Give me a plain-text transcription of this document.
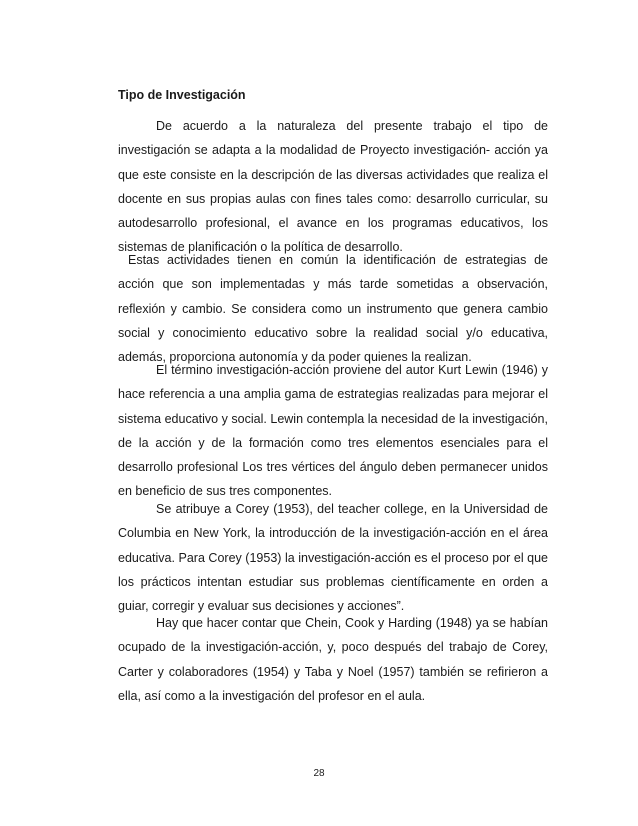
Tipo de Investigación

De acuerdo a la naturaleza del presente trabajo el tipo de investigación se adapta a la modalidad de Proyecto investigación- acción ya que este consiste en la descripción de las diversas actividades que realiza el docente en sus propias aulas con fines tales como: desarrollo curricular, su autodesarrollo profesional, el avance en los programas educativos, los sistemas de planificación o la política de desarrollo.

Estas actividades tienen en común la identificación de estrategias de acción que son implementadas y más tarde sometidas a observación, reflexión y cambio. Se considera como un instrumento que genera cambio social y conocimiento educativo sobre la realidad social y/o educativa, además, proporciona autonomía y da poder quienes la realizan.

El término investigación-acción proviene del autor Kurt Lewin (1946) y hace referencia a una amplia gama de estrategias realizadas para mejorar el sistema educativo y social. Lewin contempla la necesidad de la investigación, de la acción y de la formación como tres elementos esenciales para el desarrollo profesional Los tres vértices del ángulo deben permanecer unidos en beneficio de sus tres componentes.

Se atribuye a Corey (1953), del teacher college, en la Universidad de Columbia en New York, la introducción de la investigación-acción en el área educativa. Para Corey (1953) la investigación-acción es el proceso por el que los prácticos intentan estudiar sus problemas científicamente en orden a guiar, corregir y evaluar sus decisiones y acciones”.

Hay que hacer contar que Chein, Cook y Harding (1948) ya se habían ocupado de la investigación-acción, y, poco después del trabajo de Corey, Carter y colaboradores (1954) y Taba y Noel (1957) también se refirieron a ella, así como a la investigación del profesor en el aula.

28
